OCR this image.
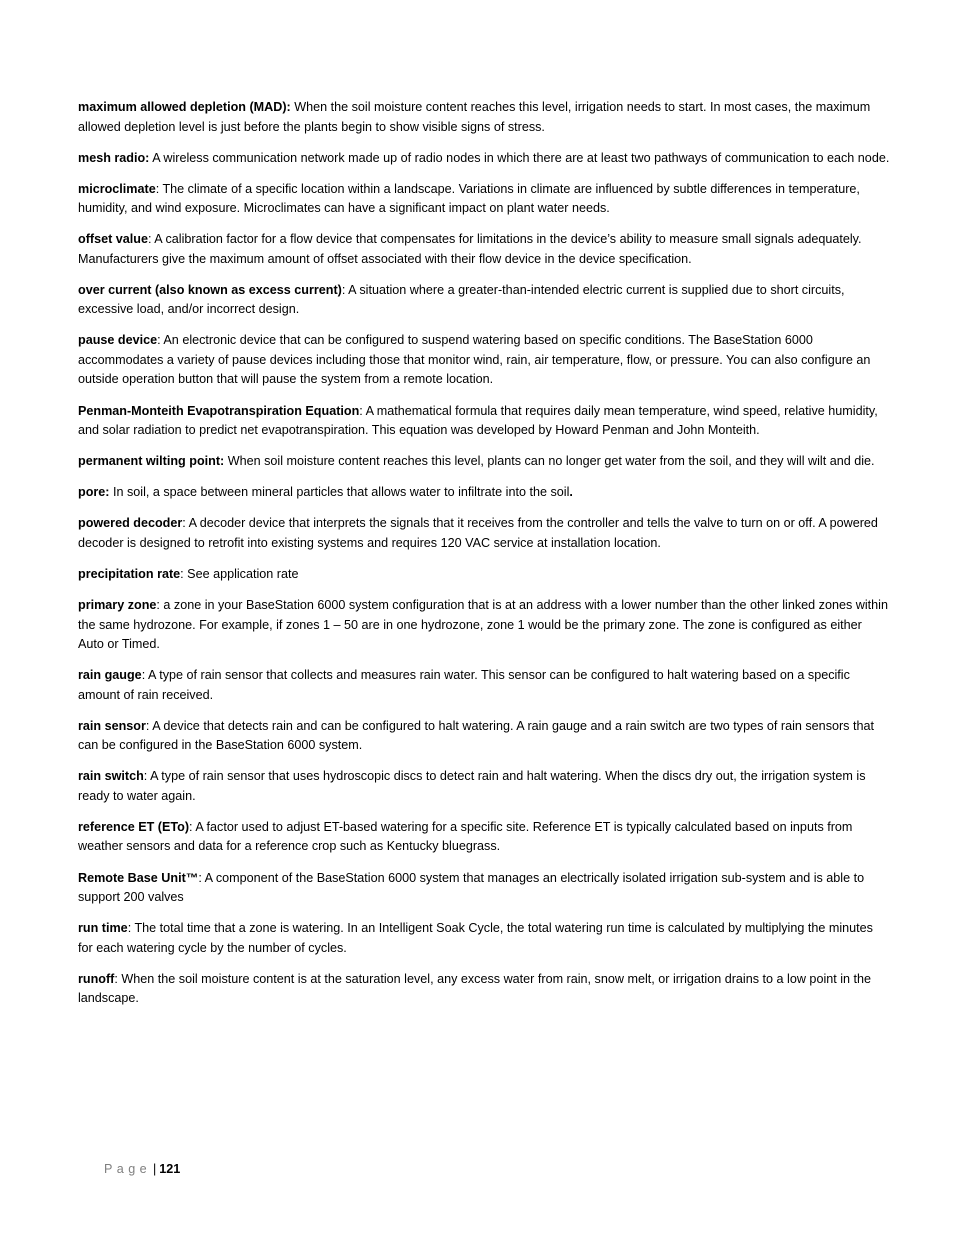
maximum allowed depletion (MAD): When the soil moisture content reaches this level, irrigation needs to start. In most cases, the maximum allowed depletion level is just before the plants begin to show visible signs of stress.

mesh radio: A wireless communication network made up of radio nodes in which there are at least two pathways of communication to each node.

microclimate: The climate of a specific location within a landscape. Variations in climate are influenced by subtle differences in temperature, humidity, and wind exposure. Microclimates can have a significant impact on plant water needs.

offset value: A calibration factor for a flow device that compensates for limitations in the device’s ability to measure small signals adequately. Manufacturers give the maximum amount of offset associated with their flow device in the device specification.

over current (also known as excess current): A situation where a greater-than-intended electric current is supplied due to short circuits, excessive load, and/or incorrect design.

pause device: An electronic device that can be configured to suspend watering based on specific conditions. The BaseStation 6000 accommodates a variety of pause devices including those that monitor wind, rain, air temperature, flow, or pressure. You can also configure an outside operation button that will pause the system from a remote location.

Penman-Monteith Evapotranspiration Equation: A mathematical formula that requires daily mean temperature, wind speed, relative humidity, and solar radiation to predict net evapotranspiration. This equation was developed by Howard Penman and John Monteith.

permanent wilting point: When soil moisture content reaches this level, plants can no longer get water from the soil, and they will wilt and die.

pore: In soil, a space between mineral particles that allows water to infiltrate into the soil.

powered decoder: A decoder device that interprets the signals that it receives from the controller and tells the valve to turn on or off. A powered decoder is designed to retrofit into existing systems and requires 120 VAC service at installation location.

precipitation rate: See application rate

primary zone: a zone in your BaseStation 6000 system configuration that is at an address with a lower number than the other linked zones within the same hydrozone. For example, if zones 1 – 50 are in one hydrozone, zone 1 would be the primary zone. The zone is configured as either Auto or Timed.

rain gauge: A type of rain sensor that collects and measures rain water. This sensor can be configured to halt watering based on a specific amount of rain received.

rain sensor: A device that detects rain and can be configured to halt watering. A rain gauge and a rain switch are two types of rain sensors that can be configured in the BaseStation 6000 system.

rain switch: A type of rain sensor that uses hydroscopic discs to detect rain and halt watering. When the discs dry out, the irrigation system is ready to water again.

reference ET (ETo): A factor used to adjust ET-based watering for a specific site. Reference ET is typically calculated based on inputs from weather sensors and data for a reference crop such as Kentucky bluegrass.

Remote Base Unit™: A component of the BaseStation 6000 system that manages an electrically isolated irrigation sub-system and is able to support 200 valves

run time: The total time that a zone is watering. In an Intelligent Soak Cycle, the total watering run time is calculated by multiplying the minutes for each watering cycle by the number of cycles.

runoff: When the soil moisture content is at the saturation level, any excess water from rain, snow melt, or irrigation drains to a low point in the landscape.

Page | 121
